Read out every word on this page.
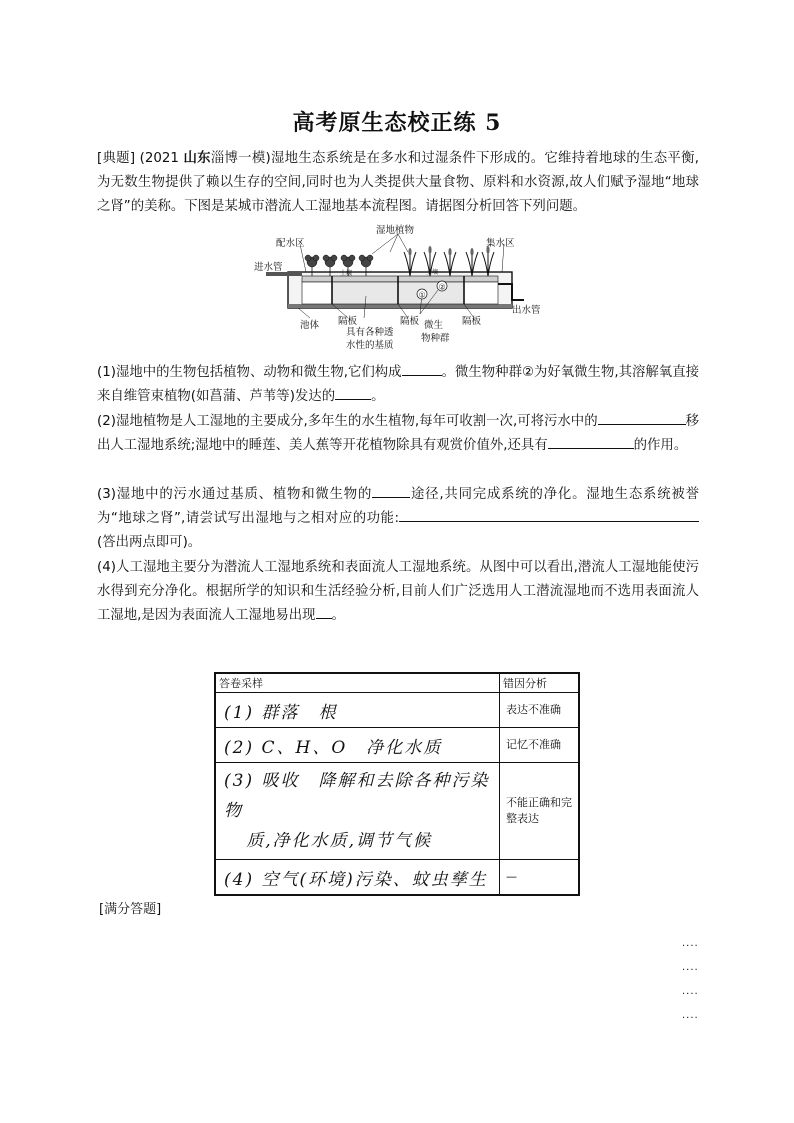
高考原生态校正练 5

[典题] (2021 山东淄博一模)湿地生态系统是在多水和过湿条件下形成的。它维持着地球的生态平衡,为无数生物提供了赖以生存的空间,同时也为人类提供大量食物、原料和水资源,故人们赋予湿地“地球之肾”的美称。下图是某城市潜流人工湿地基本流程图。请据图分析回答下列问题。

①
②
土壤	土壤
湿地植物
配水区	集水区
进水管
出水管
池体 隔板	隔板	隔板
具有各种透
水性的基质
微生
物种群

(1)湿地中的生物包括植物、动物和微生物,它们构成	。微生物种群②为好氧微生物,其溶解氧直接来自维管束植物(如菖蒲、芦苇等)发达的	。

(2)湿地植物是人工湿地的主要成分,多年生的水生植物,每年可收割一次,可将污水中的	移出人工湿地系统;湿地中的睡莲、美人蕉等开花植物除具有观赏价值外,还具有	的作用。

(3)湿地中的污水通过基质、植物和微生物的	途径,共同完成系统的净化。湿地生态系统被誉为“地球之肾”,请尝试写出湿地与之相对应的功能:(答出两点即可)。

(4)人工湿地主要分为潜流人工湿地系统和表面流人工湿地系统。从图中可以看出,潜流人工湿地能使污水得到充分净化。根据所学的知识和生活经验分析,目前人们广泛选用人工潜流湿地而不选用表面流人工湿地,是因为表面流人工湿地易出现 。

答卷采样	错因分析
(1) 群落　根	表达不准确
(2) C、H、O　净化水质	记忆不准确
(3) 吸收　降解和去除各种污染物
质,净化水质,调节气候	不能正确和完整表达
(4) 空气(环境)污染、蚊虫孳生	—
[满分答题]
....
....
....
....
